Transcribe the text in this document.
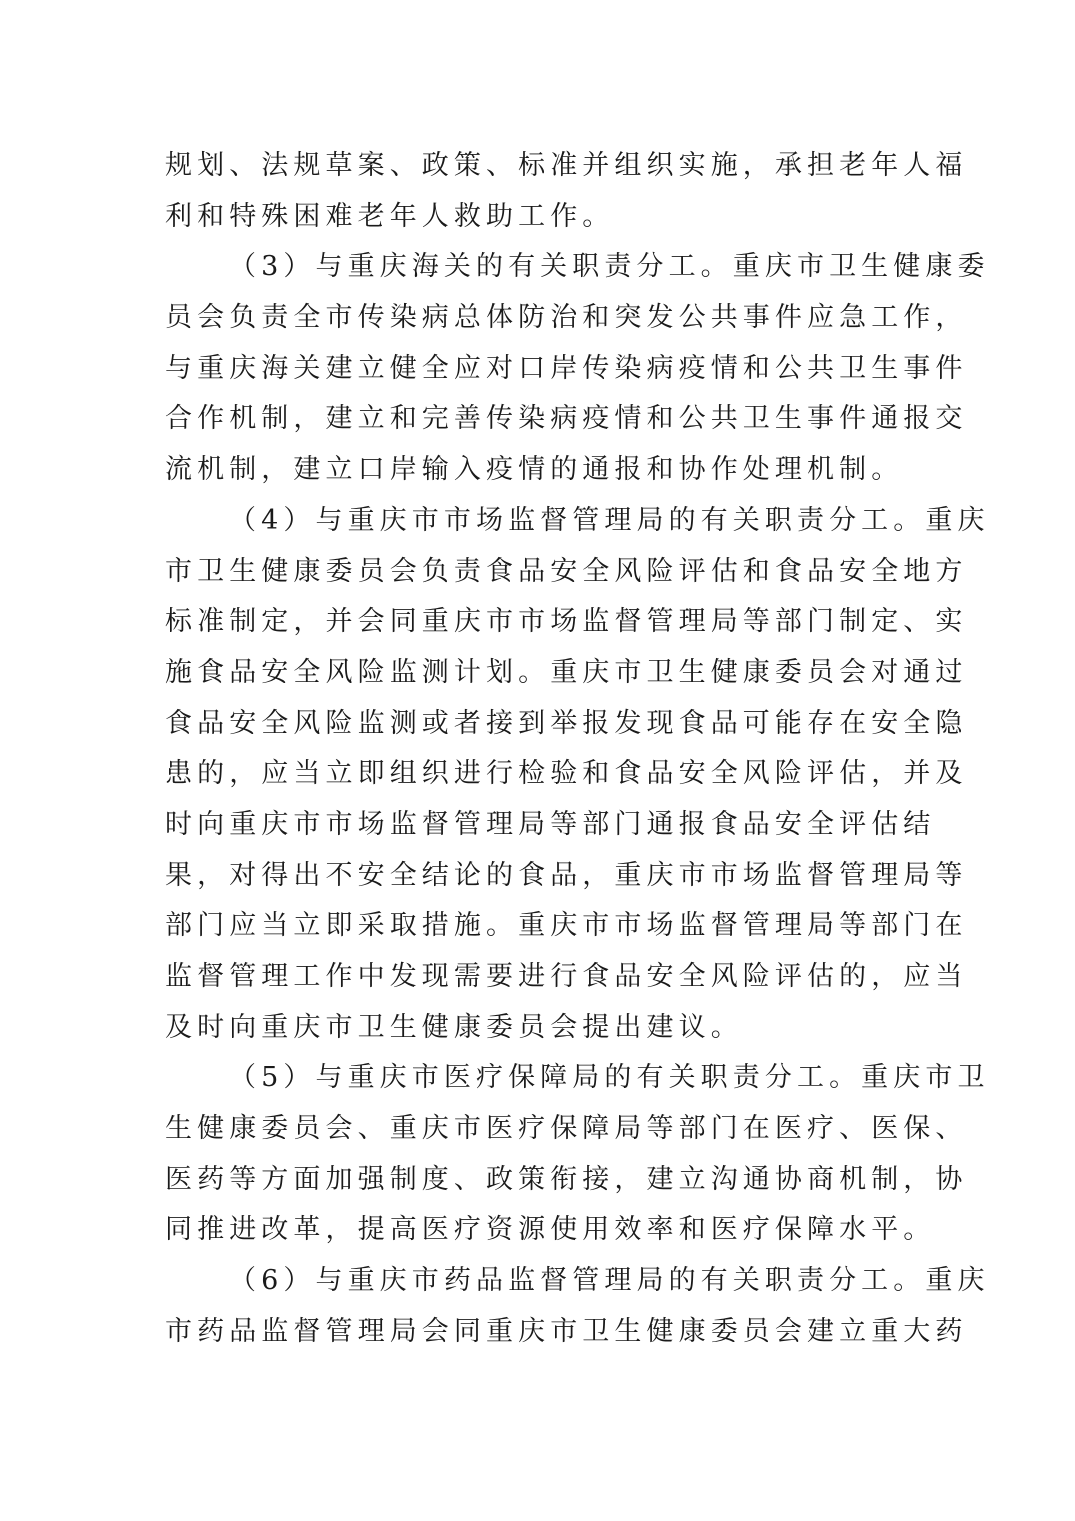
规划、法规草案、政策、标准并组织实施，承担老年人福
利和特殊困难老年人救助工作。
（3）与重庆海关的有关职责分工。重庆市卫生健康委
员会负责全市传染病总体防治和突发公共事件应急工作，
与重庆海关建立健全应对口岸传染病疫情和公共卫生事件
合作机制，建立和完善传染病疫情和公共卫生事件通报交
流机制，建立口岸输入疫情的通报和协作处理机制。
（4）与重庆市市场监督管理局的有关职责分工。重庆
市卫生健康委员会负责食品安全风险评估和食品安全地方
标准制定，并会同重庆市市场监督管理局等部门制定、实
施食品安全风险监测计划。重庆市卫生健康委员会对通过
食品安全风险监测或者接到举报发现食品可能存在安全隐
患的，应当立即组织进行检验和食品安全风险评估，并及
时向重庆市市场监督管理局等部门通报食品安全评估结
果，对得出不安全结论的食品，重庆市市场监督管理局等
部门应当立即采取措施。重庆市市场监督管理局等部门在
监督管理工作中发现需要进行食品安全风险评估的，应当
及时向重庆市卫生健康委员会提出建议。
（5）与重庆市医疗保障局的有关职责分工。重庆市卫
生健康委员会、重庆市医疗保障局等部门在医疗、医保、
医药等方面加强制度、政策衔接，建立沟通协商机制，协
同推进改革，提高医疗资源使用效率和医疗保障水平。
（6）与重庆市药品监督管理局的有关职责分工。重庆
市药品监督管理局会同重庆市卫生健康委员会建立重大药
